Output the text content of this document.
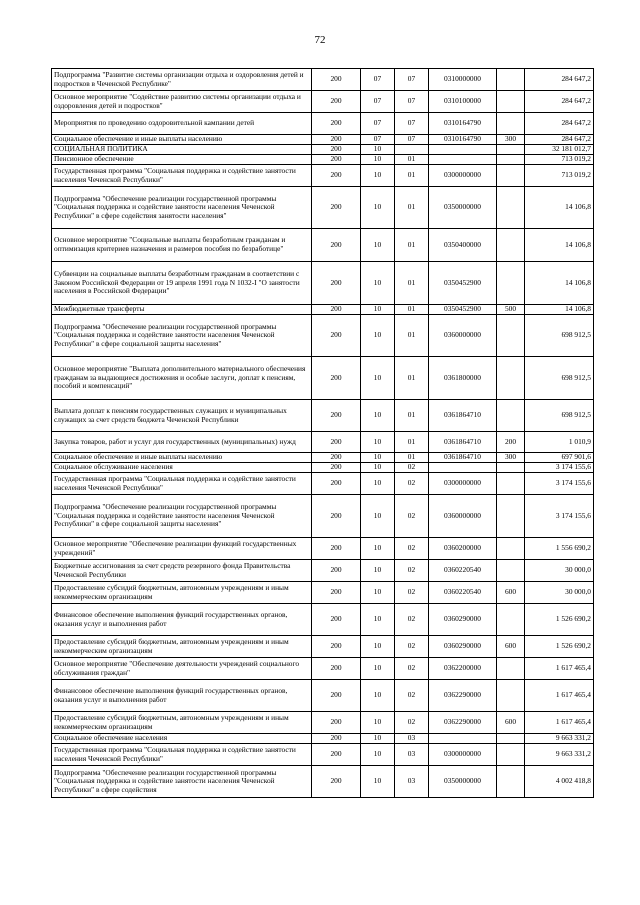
72
Подпрограмма "Развитие системы организации отдыха и оздоровления детей и подростков в Чеченской Республике"	200	07	07	0310000000		284 647,2
Основное мероприятие "Содействие развитию системы организации отдыха и оздоровления детей и подростков"	200	07	07	0310100000		284 647,2
Мероприятия по проведению оздоровительной кампании детей	200	07	07	0310164790		284 647,2
Социальное обеспечение и иные выплаты населению	200	07	07	0310164790	300	284 647,2
СОЦИАЛЬНАЯ ПОЛИТИКА	200	10				32 181 012,7
Пенсионное обеспечение	200	10	01			713 019,2
Государственная программа "Социальная поддержка и содействие занятости населения Чеченской Республики"	200	10	01	0300000000		713 019,2
Подпрограмма "Обеспечение реализации государственной программы "Социальная поддержка и содействие занятости населения Чеченской Республики" в сфере содействия занятости населения"	200	10	01	0350000000		14 106,8
Основное мероприятие "Социальные выплаты безработным гражданам и оптимизация критериев назначения и размеров пособия по безработице"	200	10	01	0350400000		14 106,8
Субвенции на социальные выплаты безработным гражданам в соответствии с Законом Российской Федерации от 19 апреля 1991 года N 1032-I "О занятости населения в Российской Федерации"	200	10	01	0350452900		14 106,8
Межбюджетные трансферты	200	10	01	0350452900	500	14 106,8
Подпрограмма "Обеспечение реализации государственной программы "Социальная поддержка и содействие занятости населения Чеченской Республики" в сфере социальной защиты населения"	200	10	01	0360000000		698 912,5
Основное мероприятие "Выплата дополнительного материального обеспечения гражданам за выдающиеся достижения и особые заслуги, доплат к пенсиям, пособий и компенсаций"	200	10	01	0361800000		698 912,5
Выплата доплат к пенсиям государственных служащих и муниципальных служащих за счет средств бюджета Чеченской Республики	200	10	01	0361864710		698 912,5
Закупка товаров, работ и услуг для государственных (муниципальных) нужд	200	10	01	0361864710	200	1 010,9
Социальное обеспечение и иные выплаты населению	200	10	01	0361864710	300	697 901,6
Социальное обслуживание населения	200	10	02			3 174 155,6
Государственная программа "Социальная поддержка и содействие занятости населения Чеченской Республики"	200	10	02	0300000000		3 174 155,6
Подпрограмма "Обеспечение реализации государственной программы "Социальная поддержка и содействие занятости населения Чеченской Республики" в сфере социальной защиты населения"	200	10	02	0360000000		3 174 155,6
Основное мероприятие "Обеспечение реализации функций государственных учреждений"	200	10	02	0360200000		1 556 690,2
Бюджетные ассигнования за счет средств резервного фонда Правительства Чеченской Республики	200	10	02	0360220540		30 000,0
Предоставление субсидий бюджетным, автономным учреждениям и иным некоммерческим организациям	200	10	02	0360220540	600	30 000,0
Финансовое обеспечение выполнения функций государственных органов, оказания услуг и выполнения работ	200	10	02	0360290000		1 526 690,2
Предоставление субсидий бюджетным, автономным учреждениям и иным некоммерческим организациям	200	10	02	0360290000	600	1 526 690,2
Основное мероприятие "Обеспечение деятельности учреждений социального обслуживания граждан"	200	10	02	0362200000		1 617 465,4
Финансовое обеспечение выполнения функций государственных органов, оказания услуг и выполнения работ	200	10	02	0362290000		1 617 465,4
Предоставление субсидий бюджетным, автономным учреждениям и иным некоммерческим организациям	200	10	02	0362290000	600	1 617 465,4
Социальное обеспечение населения	200	10	03			9 663 331,2
Государственная программа "Социальная поддержка и содействие занятости населения Чеченской Республики"	200	10	03	0300000000		9 663 331,2
Подпрограмма "Обеспечение реализации государственной программы "Социальная поддержка и содействие занятости населения Чеченской Республики" в сфере содействия	200	10	03	0350000000		4 002 418,8
